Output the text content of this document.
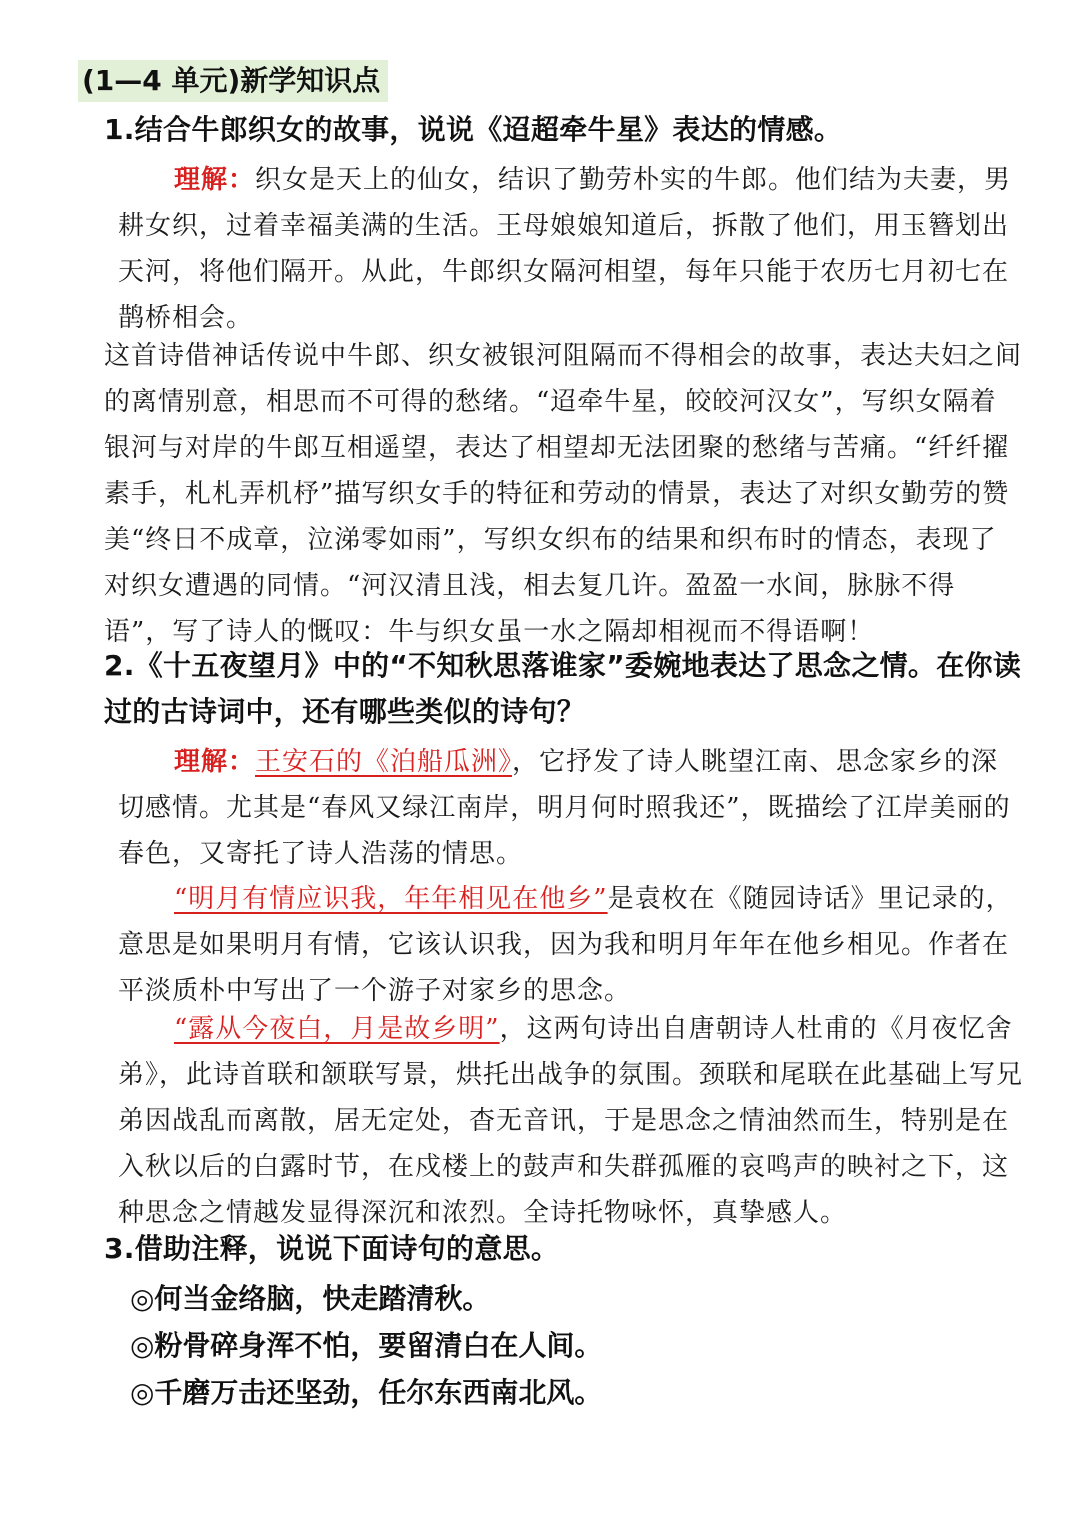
(1—4 单元)新学知识点
1.结合牛郎织女的故事，说说《迢超牵牛星》表达的情感。
理解：织女是天上的仙女，结识了勤劳朴实的牛郎。他们结为夫妻，男耕女织，过着幸福美满的生活。王母娘娘知道后，拆散了他们，用玉簪划出天河，将他们隔开。从此，牛郎织女隔河相望，每年只能于农历七月初七在鹊桥相会。
这首诗借神话传说中牛郎、织女被银河阻隔而不得相会的故事，表达夫妇之间的离情别意，相思而不可得的愁绪。“迢牵牛星，皎皎河汉女”，写织女隔着银河与对岸的牛郎互相遥望，表达了相望却无法团聚的愁绪与苦痛。“纤纤擢素手，札札弄机杼”描写织女手的特征和劳动的情景，表达了对织女勤劳的赞美“终日不成章，泣涕零如雨”，写织女织布的结果和织布时的情态，表现了对织女遭遇的同情。“河汉清且浅，相去复几许。盈盈一水间，脉脉不得语”，写了诗人的慨叹：牛与织女虽一水之隔却相视而不得语啊！
2.《十五夜望月》中的“不知秋思落谁家”委婉地表达了思念之情。在你读过的古诗词中，还有哪些类似的诗句？
理解：王安石的《泊船瓜洲》，它抒发了诗人眺望江南、思念家乡的深切感情。尤其是“春风又绿江南岸，明月何时照我还”，既描绘了江岸美丽的春色，又寄托了诗人浩荡的情思。
“明月有情应识我，年年相见在他乡”是袁枚在《随园诗话》里记录的，意思是如果明月有情，它该认识我，因为我和明月年年在他乡相见。作者在平淡质朴中写出了一个游子对家乡的思念。
“露从今夜白，月是故乡明”，这两句诗出自唐朝诗人杜甫的《月夜忆舍弟》，此诗首联和颔联写景，烘托出战争的氛围。颈联和尾联在此基础上写兄弟因战乱而离散，居无定处，杳无音讯，于是思念之情油然而生，特别是在入秋以后的白露时节，在戍楼上的鼓声和失群孤雁的哀鸣声的映衬之下，这种思念之情越发显得深沉和浓烈。全诗托物咏怀，真挚感人。
3.借助注释，说说下面诗句的意思。
◎何当金络脑，快走踏清秋。
◎粉骨碎身浑不怕，要留清白在人间。
◎千磨万击还坚劲，任尔东西南北风。
